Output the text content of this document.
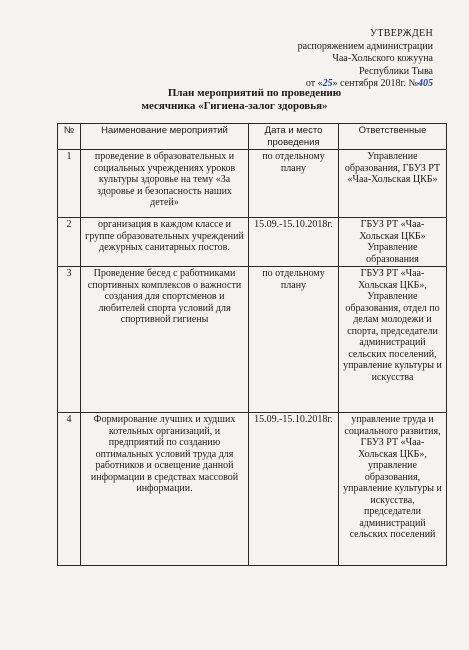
УТВЕРЖДЕН
распоряжением администрации
Чаа-Хольского кожууна
Республики Тыва
от «25» сентября 2018г. №405
План мероприятий по проведению
месячника «Гигиена-залог здоровья»
№	Наименование мероприятий	Дата и место проведения	Ответственные
1	проведение в образовательных и социальных учреждениях уроков культуры здоровье на тему «За здоровье и безопасность наших детей»	по отдельному плану	Управление образования, ГБУЗ РТ «Чаа-Хольская ЦКБ»
2	организация в каждом классе и группе образовательных учреждений дежурных санитарных постов.	15.09.-15.10.2018г.	ГБУЗ РТ «Чаа-Хольская ЦКБ» Управление образования
3	Проведение бесед с работниками спортивных комплексов о важности создания для спортсменов и любителей спорта условий для спортивной гигиены	по отдельному плану	ГБУЗ РТ «Чаа-Хольская ЦКБ», Управление образования, отдел по делам молодежи и спорта, председатели администраций сельских поселений, управление культуры и искусства
4	Формирование лучших и худших котельных организаций, и предприятий по созданию оптимальных условий труда для работников и освещение данной информации в средствах массовой информации.	15.09.-15.10.2018г.	управление труда и социального развития, ГБУЗ РТ «Чаа-Хольская ЦКБ», управление образования, управление культуры и искусства, председатели администраций сельских поселений
